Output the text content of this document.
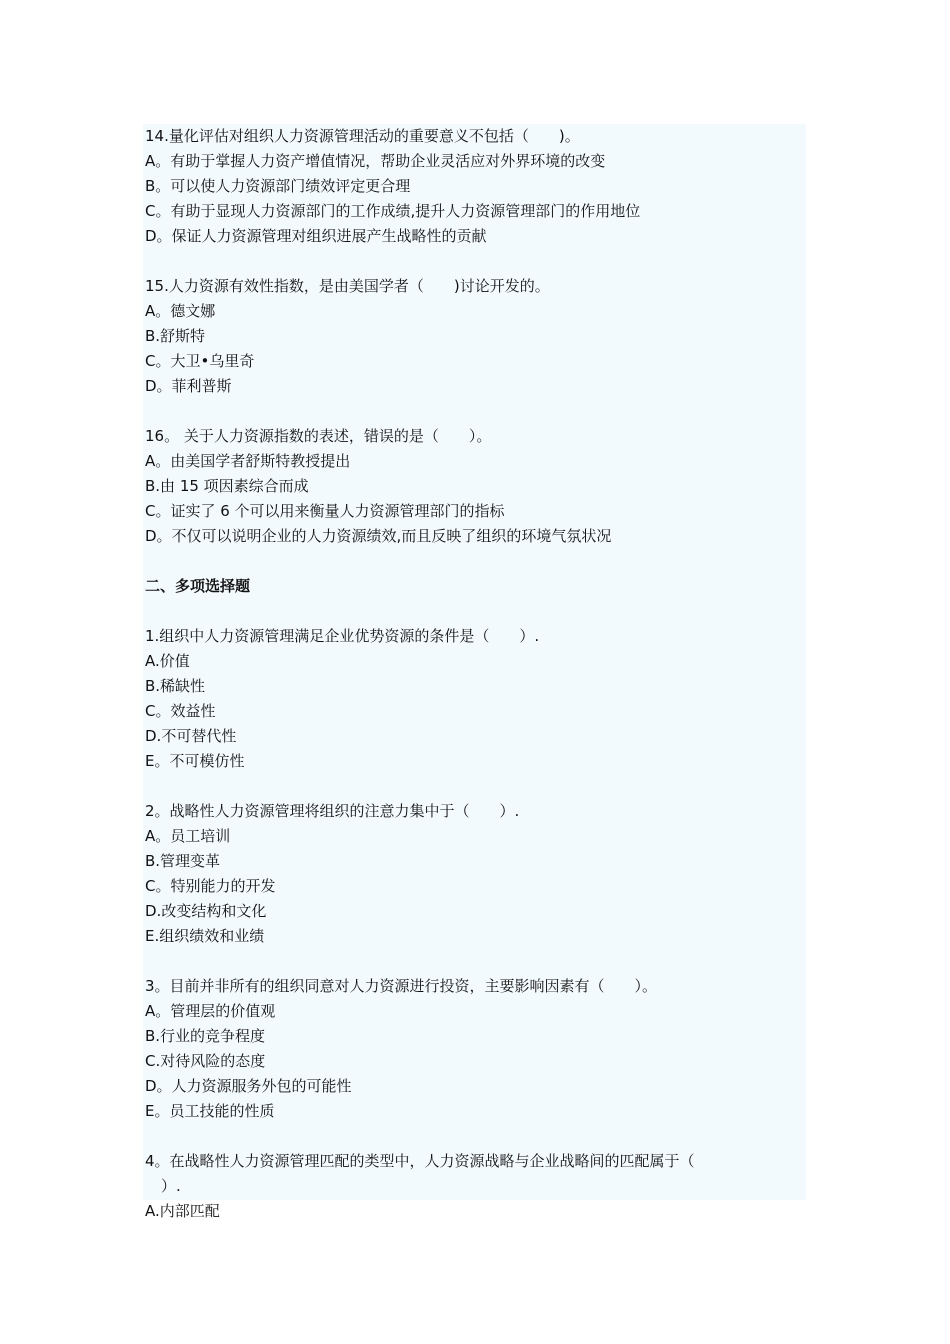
14.量化评估对组织人力资源管理活动的重要意义不包括（　　)。
A。有助于掌握人力资产增值情况，帮助企业灵活应对外界环境的改变
B。可以使人力资源部门绩效评定更合理
C。有助于显现人力资源部门的工作成绩,提升人力资源管理部门的作用地位
D。保证人力资源管理对组织进展产生战略性的贡献
15.人力资源有效性指数，是由美国学者（　　)讨论开发的。
A。德文娜
B.舒斯特
C。大卫•乌里奇
D。菲利普斯
16。 关于人力资源指数的表述，错误的是（　　）。
A。由美国学者舒斯特教授提出
B.由 15 项因素综合而成
C。证实了 6 个可以用来衡量人力资源管理部门的指标
D。不仅可以说明企业的人力资源绩效,而且反映了组织的环境气氛状况
二、多项选择题
1.组织中人力资源管理满足企业优势资源的条件是（　　）.
A.价值
B.稀缺性
C。效益性
D.不可替代性
E。不可模仿性
2。战略性人力资源管理将组织的注意力集中于（　　）.
A。员工培训
B.管理变革
C。特别能力的开发
D.改变结构和文化
E.组织绩效和业绩
3。目前并非所有的组织同意对人力资源进行投资，主要影响因素有（　　）。
A。管理层的价值观
B.行业的竞争程度
C.对待风险的态度
D。人力资源服务外包的可能性
E。员工技能的性质
4。在战略性人力资源管理匹配的类型中，人力资源战略与企业战略间的匹配属于（
）.
A.内部匹配
